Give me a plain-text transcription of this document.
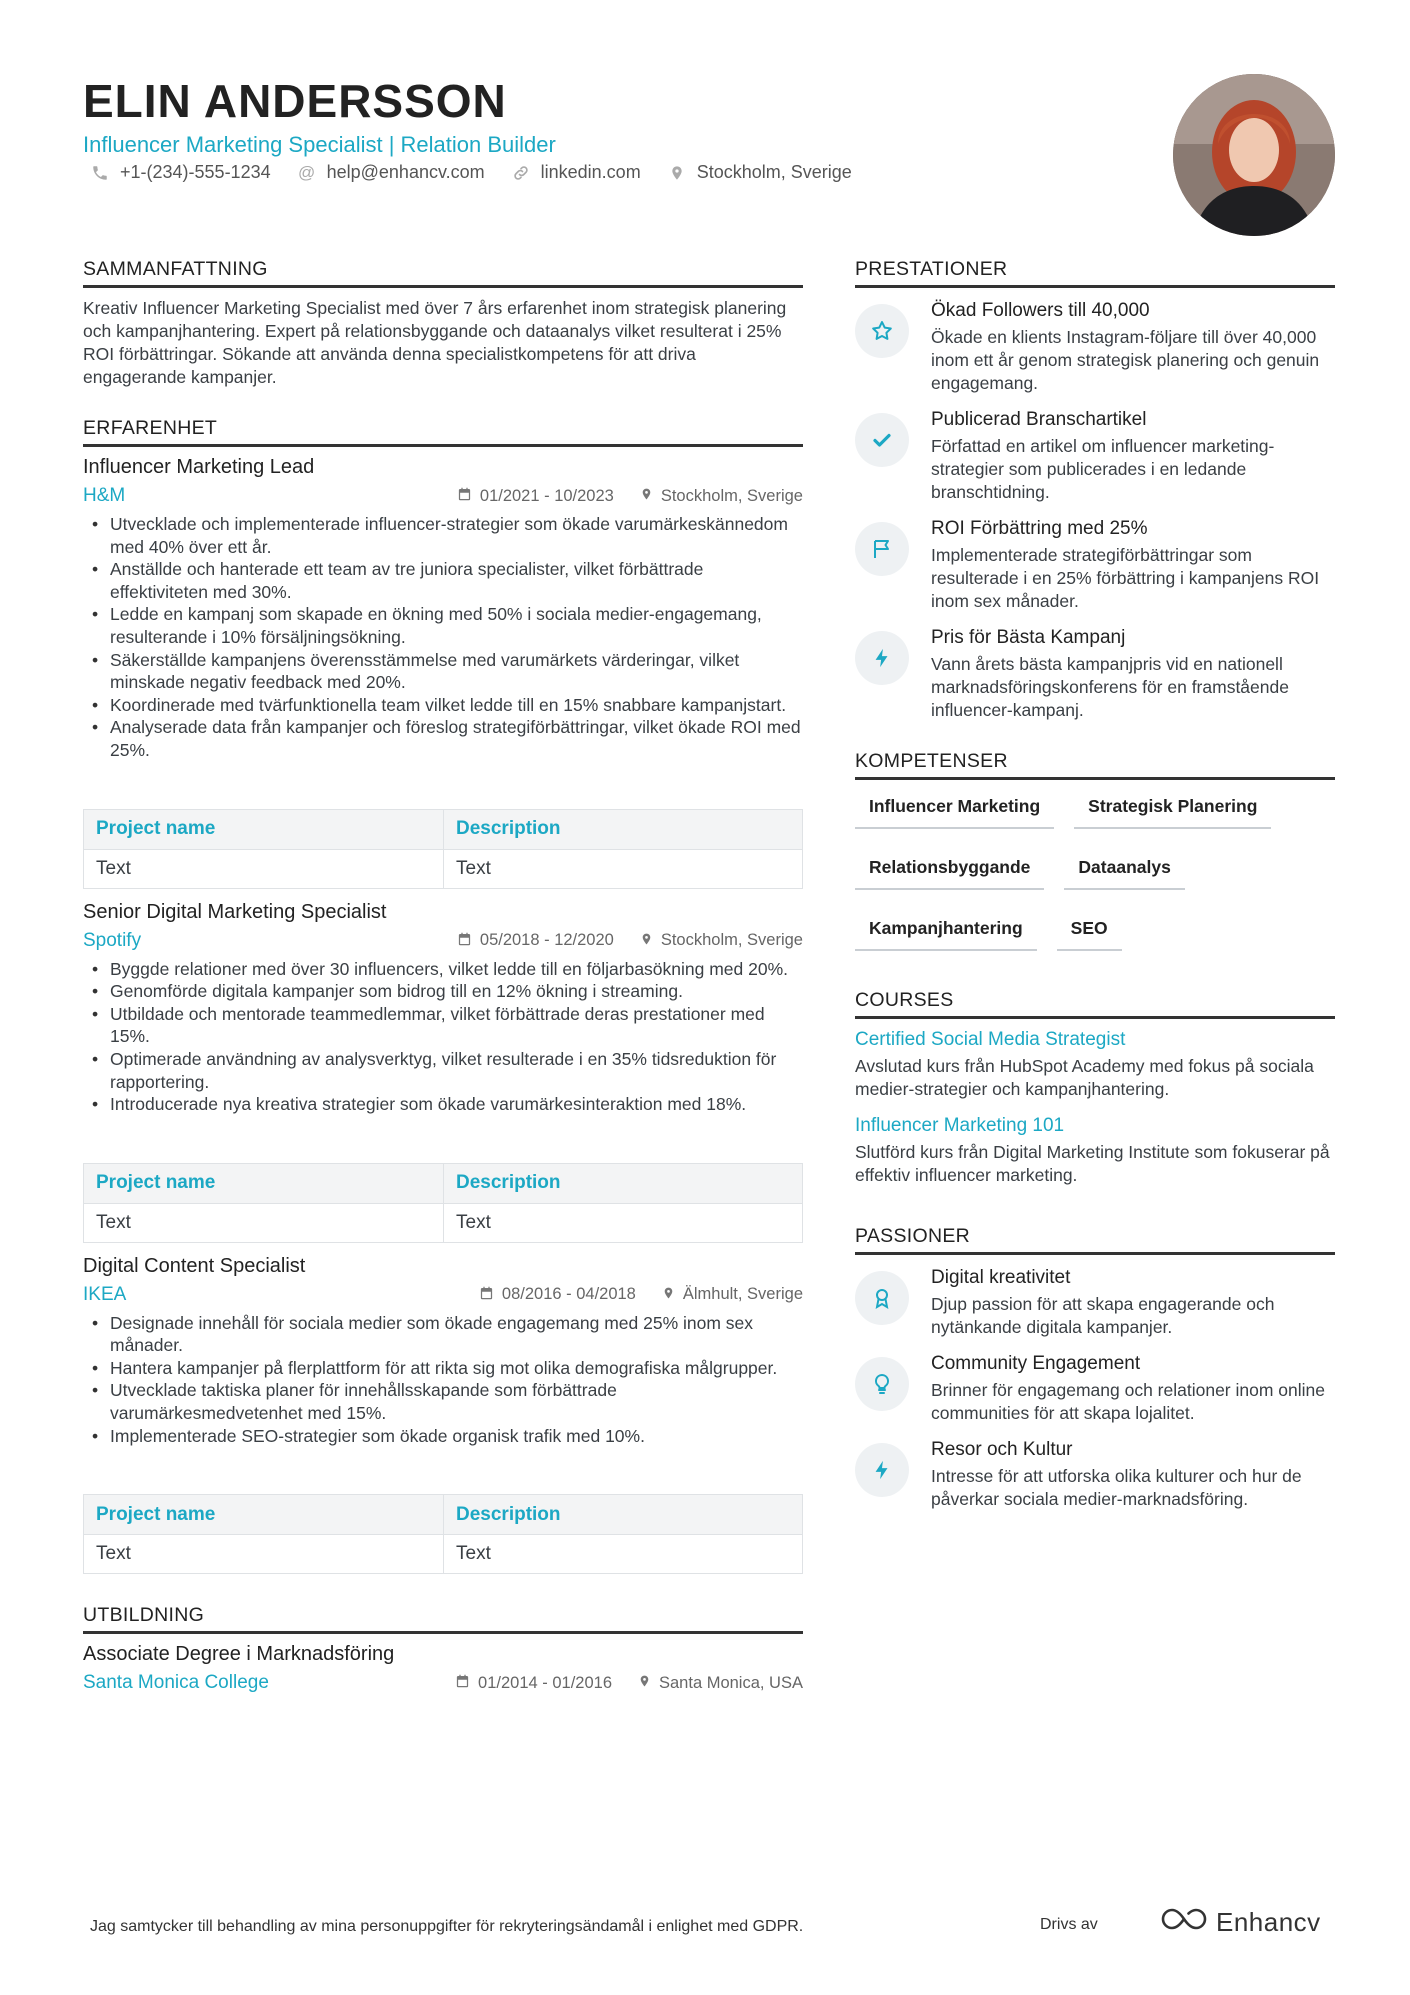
ELIN ANDERSSON
Influencer Marketing Specialist | Relation Builder
+1-(234)-555-1234 @ help@enhancv.com	linkedin.com	Stockholm, Sverige
SAMMANFATTNING
Kreativ Influencer Marketing Specialist med över 7 års erfarenhet inom strategisk planering och kampanjhantering. Expert på relationsbyggande och dataanalys vilket resulterat i 25% ROI förbättringar. Sökande att använda denna specialistkompetens för att driva engagerande kampanjer.
ERFARENHET
Influencer Marketing Lead
H&M	01/2021 - 10/2023	Stockholm, Sverige
• Utvecklade och implementerade influencer-strategier som ökade varumärkeskännedom med 40% över ett år.
• Anställde och hanterade ett team av tre juniora specialister, vilket förbättrade effektiviteten med 30%.
• Ledde en kampanj som skapade en ökning med 50% i sociala medier-engagemang, resulterande i 10% försäljningsökning.
• Säkerställde kampanjens överensstämmelse med varumärkets värderingar, vilket minskade negativ feedback med 20%.
• Koordinerade med tvärfunktionella team vilket ledde till en 15% snabbare kampanjstart.
• Analyserade data från kampanjer och föreslog strategiförbättringar, vilket ökade ROI med 25%.
Project name	Description
Text	Text
Senior Digital Marketing Specialist
Spotify	05/2018 - 12/2020	Stockholm, Sverige
• Byggde relationer med över 30 influencers, vilket ledde till en följarbasökning med 20%.
• Genomförde digitala kampanjer som bidrog till en 12% ökning i streaming.
• Utbildade och mentorade teammedlemmar, vilket förbättrade deras prestationer med 15%.
• Optimerade användning av analysverktyg, vilket resulterade i en 35% tidsreduktion för rapportering.
• Introducerade nya kreativa strategier som ökade varumärkesinteraktion med 18%.
Project name	Description
Text	Text
Digital Content Specialist
IKEA	08/2016 - 04/2018	Älmhult, Sverige
• Designade innehåll för sociala medier som ökade engagemang med 25% inom sex månader.
• Hantera kampanjer på flerplattform för att rikta sig mot olika demografiska målgrupper.
• Utvecklade taktiska planer för innehållsskapande som förbättrade varumärkesmedvetenhet med 15%.
• Implementerade SEO-strategier som ökade organisk trafik med 10%.
Project name	Description
Text	Text
UTBILDNING
Associate Degree i Marknadsföring
Santa Monica College	01/2014 - 01/2016	Santa Monica, USA
PRESTATIONER
Ökad Followers till 40,000
Ökade en klients Instagram-följare till över 40,000 inom ett år genom strategisk planering och genuin engagemang.
Publicerad Branschartikel
Författad en artikel om influencer marketing-strategier som publicerades i en ledande branschtidning.
ROI Förbättring med 25%
Implementerade strategiförbättringar som resulterade i en 25% förbättring i kampanjens ROI inom sex månader.
Pris för Bästa Kampanj
Vann årets bästa kampanjpris vid en nationell marknadsföringskonferens för en framstående influencer-kampanj.
KOMPETENSER
Influencer Marketing	Strategisk Planering
Relationsbyggande	Dataanalys
Kampanjhantering	SEO
COURSES
Certified Social Media Strategist
Avslutad kurs från HubSpot Academy med fokus på sociala medier-strategier och kampanjhantering.
Influencer Marketing 101
Slutförd kurs från Digital Marketing Institute som fokuserar på effektiv influencer marketing.
PASSIONER
Digital kreativitet
Djup passion för att skapa engagerande och nytänkande digitala kampanjer.
Community Engagement
Brinner för engagemang och relationer inom online communities för att skapa lojalitet.
Resor och Kultur
Intresse för att utforska olika kulturer och hur de påverkar sociala medier-marknadsföring.
Jag samtycker till behandling av mina personuppgifter för rekryteringsändamål i enlighet med GDPR.	Drivs av	Enhancv
